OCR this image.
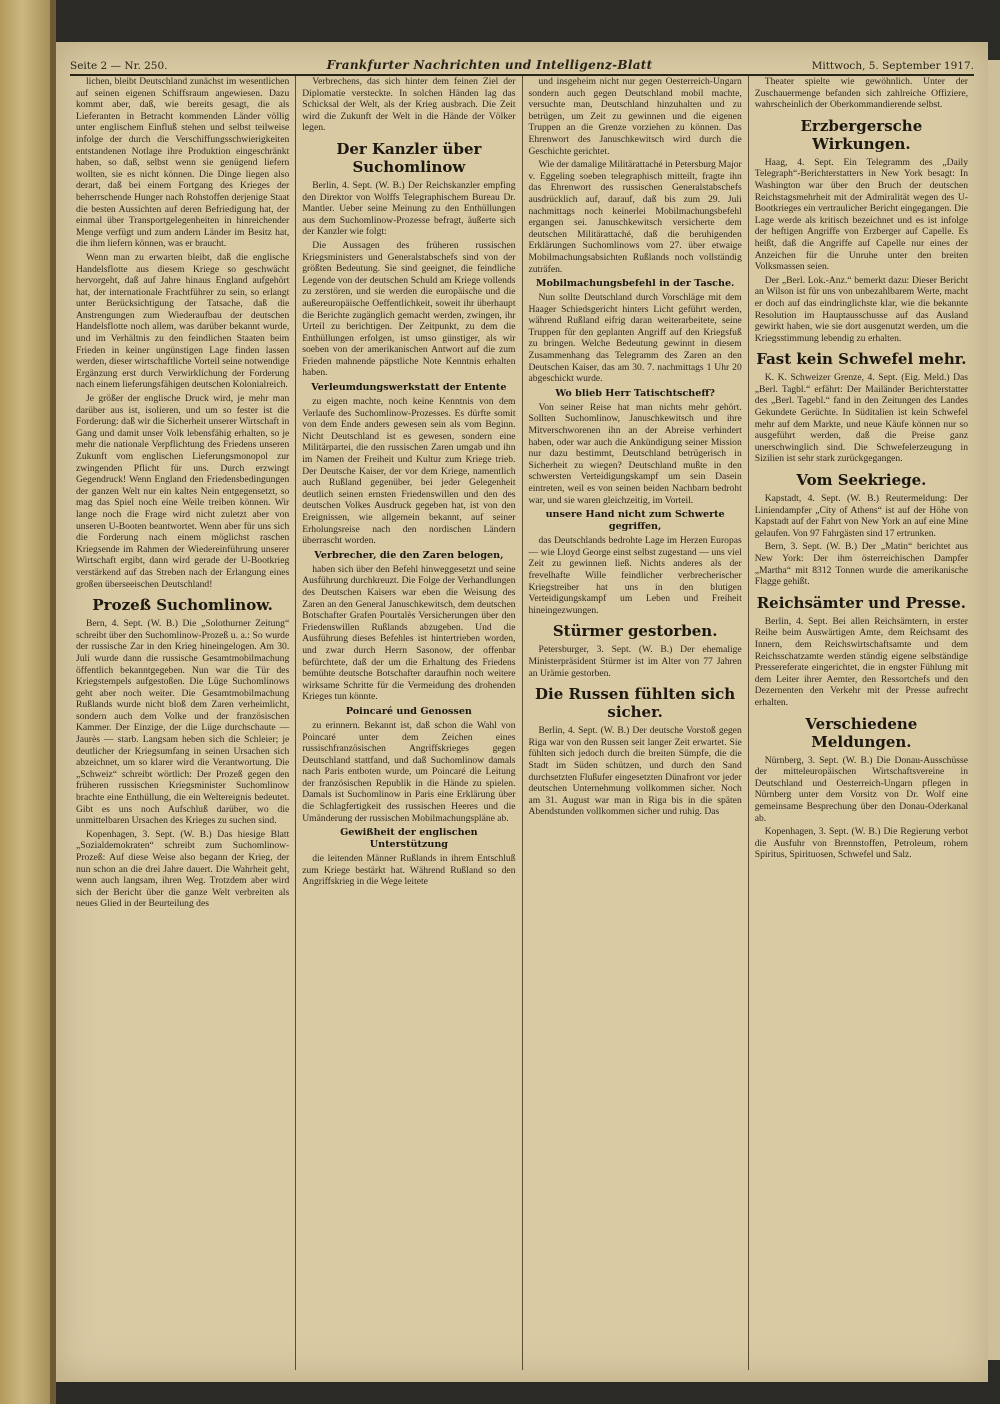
Seite 2 — Nr. 250.	Frankfurter Nachrichten und Intelligenz-Blatt	Mittwoch, 5. September 1917.

lichen, bleibt Deutschland zunächst im wesentlichen auf seinen eigenen Schiffsraum angewiesen. Dazu kommt aber, daß, wie bereits gesagt, die als Lieferanten in Betracht kommenden Länder völlig unter englischem Einfluß stehen und selbst teilweise infolge der durch die Verschiffungsschwierigkeiten entstandenen Notlage ihre Produktion eingeschränkt haben, so daß, selbst wenn sie genügend liefern wollten, sie es nicht können. Die Dinge liegen also derart, daß bei einem Fortgang des Krieges der beherrschende Hunger nach Rohstoffen derjenige Staat die besten Aussichten auf deren Befriedigung hat, der einmal über Transportgelegenheiten in hinreichender Menge verfügt und zum andern Länder im Besitz hat, die ihm liefern können, was er braucht.

Wenn man zu erwarten bleibt, daß die englische Handelsflotte aus diesem Kriege so geschwächt hervorgeht, daß auf Jahre hinaus England aufgehört hat, der internationale Frachtführer zu sein, so erlangt unter Berücksichtigung der Tatsache, daß die Anstrengungen zum Wiederaufbau der deutschen Handelsflotte noch allem, was darüber bekannt wurde, und im Verhältnis zu den feindlichen Staaten beim Frieden in keiner ungünstigen Lage finden lassen werden, dieser wirtschaftliche Vorteil seine notwendige Ergänzung erst durch Verwirklichung der Forderung nach einem lieferungsfähigen deutschen Kolonialreich.

Je größer der englische Druck wird, je mehr man darüber aus ist, isolieren, und um so fester ist die Forderung: daß wir die Sicherheit unserer Wirtschaft in Gang und damit unser Volk lebensfähig erhalten, so je mehr die nationale Verpflichtung des Friedens unseren Zukunft vom englischen Lieferungsmonopol zur zwingenden Pflicht für uns. Durch erzwingt Gegendruck! Wenn England den Friedensbedingungen der ganzen Welt nur ein kaltes Nein entgegensetzt, so mag das Spiel noch eine Weile treiben können. Wir lange noch die Frage wird nicht zuletzt aber von unseren U-Booten beantwortet. Wenn aber für uns sich die Forderung nach einem möglichst raschen Kriegsende im Rahmen der Wiedereinführung unserer Wirtschaft ergibt, dann wird gerade der U-Bootkrieg verstärkend auf das Streben nach der Erlangung eines großen überseeischen Deutschland!

Prozeß Suchomlinow.

Bern, 4. Sept. (W. B.) Die „Solothurner Zeitung“ schreibt über den Suchomlinow-Prozeß u. a.: So wurde der russische Zar in den Krieg hineingelogen. Am 30. Juli wurde dann die russische Gesamtmobilmachung öffentlich bekanntgegeben. Nun war die Tür des Kriegstempels aufgestoßen. Die Lüge Suchomlinows geht aber noch weiter. Die Gesamtmobilmachung Rußlands wurde nicht bloß dem Zaren verheimlicht, sondern auch dem Volke und der französischen Kammer. Der Einzige, der die Lüge durchschaute — Jaurès — starb. Langsam heben sich die Schleier; je deutlicher der Kriegsumfang in seinen Ursachen sich abzeichnet, um so klarer wird die Verantwortung. Die „Schweiz“ schreibt wörtlich: Der Prozeß gegen den früheren russischen Kriegsminister Suchomlinow brachte eine Enthüllung, die ein Weltereignis bedeutet. Gibt es uns noch Aufschluß darüber, wo die unmittelbaren Ursachen des Krieges zu suchen sind.

Kopenhagen, 3. Sept. (W. B.) Das hiesige Blatt „Sozialdemokraten“ schreibt zum Suchomlinow-Prozeß: Auf diese Weise also begann der Krieg, der nun schon an die drei Jahre dauert. Die Wahrheit geht, wenn auch langsam, ihren Weg. Trotzdem aber wird sich der Bericht über die ganze Welt verbreiten als neues Glied in der Beurteilung des

Verbrechens, das sich hinter dem feinen Ziel der Diplomatie versteckte. In solchen Händen lag das Schicksal der Welt, als der Krieg ausbrach. Die Zeit wird die Zukunft der Welt in die Hände der Völker legen.

Der Kanzler über Suchomlinow

Berlin, 4. Sept. (W. B.) Der Reichskanzler empfing den Direktor von Wolffs Telegraphischem Bureau Dr. Mantler. Ueber seine Meinung zu den Enthüllungen aus dem Suchomlinow-Prozesse befragt, äußerte sich der Kanzler wie folgt:

Die Aussagen des früheren russischen Kriegsministers und Generalstabschefs sind von der größten Bedeutung. Sie sind geeignet, die feindliche Legende von der deutschen Schuld am Kriege vollends zu zerstören, und sie werden die europäische und die außereuropäische Oeffentlichkeit, soweit ihr überhaupt die Berichte zugänglich gemacht werden, zwingen, ihr Urteil zu berichtigen. Der Zeitpunkt, zu dem die Enthüllungen erfolgen, ist umso günstiger, als wir soeben von der amerikanischen Antwort auf die zum Frieden mahnende päpstliche Note Kenntnis erhalten haben.

Verleumdungswerkstatt der Entente

zu eigen machte, noch keine Kenntnis von dem Verlaufe des Suchomlinow-Prozesses. Es dürfte somit von dem Ende anders gewesen sein als vom Beginn. Nicht Deutschland ist es gewesen, sondern eine Militärpartei, die den russischen Zaren umgab und ihn im Namen der Freiheit und Kultur zum Kriege trieb. Der Deutsche Kaiser, der vor dem Kriege, namentlich auch Rußland gegenüber, bei jeder Gelegenheit deutlich seinen ernsten Friedenswillen und den des deutschen Volkes Ausdruck gegeben hat, ist von den Ereignissen, wie allgemein bekannt, auf seiner Erholungsreise nach den nordischen Ländern überrascht worden.

Verbrecher, die den Zaren belogen,

haben sich über den Befehl hinweggesetzt und seine Ausführung durchkreuzt. Die Folge der Verhandlungen des Deutschen Kaisers war eben die Weisung des Zaren an den General Januschkewitsch, dem deutschen Botschafter Grafen Pourtalès Versicherungen über den Friedenswillen Rußlands abzugeben. Und die Ausführung dieses Befehles ist hintertrieben worden, und zwar durch Herrn Sasonow, der offenbar befürchtete, daß der um die Erhaltung des Friedens bemühte deutsche Botschafter daraufhin noch weitere wirksame Schritte für die Vermeidung des drohenden Krieges tun könnte.

Poincaré und Genossen

zu erinnern. Bekannt ist, daß schon die Wahl von Poincaré unter dem Zeichen eines russischfranzösischen Angriffskrieges gegen Deutschland stattfand, und daß Suchomlinow damals nach Paris entboten wurde, um Poincaré die Leitung der französischen Republik in die Hände zu spielen. Damals ist Suchomlinow in Paris eine Erklärung über die Schlagfertigkeit des russischen Heeres und die Umänderung der russischen Mobilmachungspläne ab.

Gewißheit der englischen Unterstützung

die leitenden Männer Rußlands in ihrem Entschluß zum Kriege bestärkt hat. Während Rußland so den Angriffskrieg in die Wege leitete

und insgeheim nicht nur gegen Oesterreich-Ungarn sondern auch gegen Deutschland mobil machte, versuchte man, Deutschland hinzuhalten und zu betrügen, um Zeit zu gewinnen und die eigenen Truppen an die Grenze vorziehen zu können. Das Ehrenwort des Januschkewitsch wird durch die Geschichte gerichtet.

Wie der damalige Militärattaché in Petersburg Major v. Eggeling soeben telegraphisch mitteilt, fragte ihn das Ehrenwort des russischen Generalstabschefs ausdrücklich auf, darauf, daß bis zum 29. Juli nachmittags noch keinerlei Mobilmachungsbefehl ergangen sei. Januschkewitsch versicherte dem deutschen Militärattaché, daß die beruhigenden Erklärungen Suchomlinows vom 27. über etwaige Mobilmachungsabsichten Rußlands noch vollständig zuträfen.

Mobilmachungsbefehl in der Tasche.

Nun sollte Deutschland durch Vorschläge mit dem Haager Schiedsgericht hinters Licht geführt werden, während Rußland eifrig daran weiterarbeitete, seine Truppen für den geplanten Angriff auf den Kriegsfuß zu bringen. Welche Bedeutung gewinnt in diesem Zusammenhang das Telegramm des Zaren an den Deutschen Kaiser, das am 30. 7. nachmittags 1 Uhr 20 abgeschickt wurde.

Wo blieb Herr Tatischtscheff?

Von seiner Reise hat man nichts mehr gehört. Sollten Suchomlinow, Januschkewitsch und ihre Mitverschworenen ihn an der Abreise verhindert haben, oder war auch die Ankündigung seiner Mission nur dazu bestimmt, Deutschland betrügerisch in Sicherheit zu wiegen? Deutschland mußte in den schwersten Verteidigungskampf um sein Dasein eintreten, weil es von seinen beiden Nachbarn bedroht war, und sie waren gleichzeitig, im Vorteil.

unsere Hand nicht zum Schwerte gegriffen,

das Deutschlands bedrohte Lage im Herzen Europas — wie Lloyd George einst selbst zugestand — uns viel Zeit zu gewinnen ließ. Nichts anderes als der frevelhafte Wille feindlicher verbrecherischer Kriegstreiber hat uns in den blutigen Verteidigungskampf um Leben und Freiheit hineingezwungen.

Stürmer gestorben.

Petersburger, 3. Sept. (W. B.) Der ehemalige Ministerpräsident Stürmer ist im Alter von 77 Jahren an Urämie gestorben.

Die Russen fühlten sich sicher.

Berlin, 4. Sept. (W. B.) Der deutsche Vorstoß gegen Riga war von den Russen seit langer Zeit erwartet. Sie fühlten sich jedoch durch die breiten Sümpfe, die die Stadt im Süden schützen, und durch den Sand durchsetzten Flußufer eingesetzten Dünafront vor jeder deutschen Unternehmung vollkommen sicher. Noch am 31. August war man in Riga bis in die späten Abendstunden vollkommen sicher und ruhig. Das

Theater spielte wie gewöhnlich. Unter der Zuschauermenge befanden sich zahlreiche Offiziere, wahrscheinlich der Oberkommandierende selbst.

Erzbergersche Wirkungen.

Haag, 4. Sept. Ein Telegramm des „Daily Telegraph“-Berichterstatters in New York besagt: In Washington war über den Bruch der deutschen Reichstagsmehrheit mit der Admiralität wegen des U-Bootkrieges ein vertraulicher Bericht eingegangen. Die Lage werde als kritisch bezeichnet und es ist infolge der heftigen Angriffe von Erzberger auf Capelle. Es heißt, daß die Angriffe auf Capelle nur eines der Anzeichen für die Unruhe unter den breiten Volksmassen seien.

Der „Berl. Lok.-Anz.“ bemerkt dazu: Dieser Bericht an Wilson ist für uns von unbezahlbarem Werte, macht er doch auf das eindringlichste klar, wie die bekannte Resolution im Hauptausschusse auf das Ausland gewirkt haben, wie sie dort ausgenutzt werden, um die Kriegsstimmung lebendig zu erhalten.

Fast kein Schwefel mehr.

K. K. Schweizer Grenze, 4. Sept. (Eig. Meld.) Das „Berl. Tagbl.“ erfährt: Der Mailänder Berichterstatter des „Berl. Tagebl.“ fand in den Zeitungen des Landes Gekundete Gerüchte. In Süditalien ist kein Schwefel mehr auf dem Markte, und neue Käufe können nur so ausgeführt werden, daß die Preise ganz unerschwinglich sind. Die Schwefelerzeugung in Sizilien ist sehr stark zurückgegangen.

Vom Seekriege.

Kapstadt, 4. Sept. (W. B.) Reutermeldung: Der Liniendampfer „City of Athens“ ist auf der Höhe von Kapstadt auf der Fahrt von New York an auf eine Mine gelaufen. Von 97 Fahrgästen sind 17 ertrunken.

Bern, 3. Sept. (W. B.) Der „Matin“ berichtet aus New York: Der ihm österreichischen Dampfer „Martha“ mit 8312 Tonnen wurde die amerikanische Flagge gehißt.

Reichsämter und Presse.

Berlin, 4. Sept. Bei allen Reichsämtern, in erster Reihe beim Auswärtigen Amte, dem Reichsamt des Innern, dem Reichswirtschaftsamte und dem Reichsschatzamte werden ständig eigene selbständige Pressereferate eingerichtet, die in engster Fühlung mit dem Leiter ihrer Aemter, den Ressortchefs und den Dezernenten den Verkehr mit der Presse aufrecht erhalten.

Verschiedene Meldungen.

Nürnberg, 3. Sept. (W. B.) Die Donau-Ausschüsse der mitteleuropäischen Wirtschaftsvereine in Deutschland und Oesterreich-Ungarn pflegen in Nürnberg unter dem Vorsitz von Dr. Wolf eine gemeinsame Besprechung über den Donau-Oderkanal ab.

Kopenhagen, 3. Sept. (W. B.) Die Regierung verbot die Ausfuhr von Brennstoffen, Petroleum, rohem Spiritus, Spirituosen, Schwefel und Salz.
